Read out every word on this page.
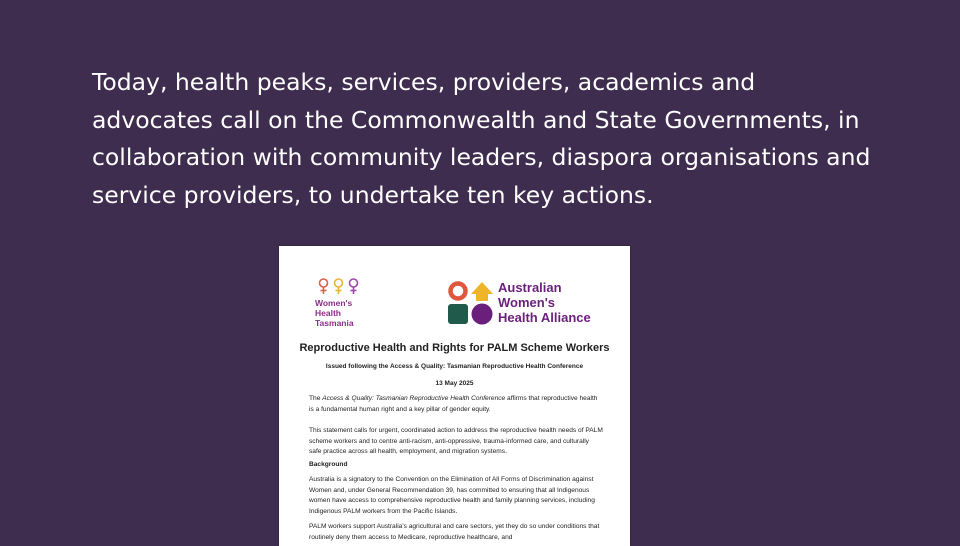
Today, health peaks, services, providers, academics and advocates call on the Commonwealth and State Governments, in collaboration with community leaders, diaspora organisations and service providers, to undertake ten key actions.

Women's
Health
Tasmania
Australian
Women's
Health Alliance
Reproductive Health and Rights for PALM Scheme Workers
Issued following the Access & Quality: Tasmanian Reproductive Health Conference
13 May 2025
The Access & Quality: Tasmanian Reproductive Health Conference affirms that reproductive health is a fundamental human right and a key pillar of gender equity.
This statement calls for urgent, coordinated action to address the reproductive health needs of PALM scheme workers and to centre anti-racism, anti-oppressive, trauma-informed care, and culturally safe practice across all health, employment, and migration systems.
Background
Australia is a signatory to the Convention on the Elimination of All Forms of Discrimination against Women and, under General Recommendation 39, has committed to ensuring that all Indigenous women have access to comprehensive reproductive health and family planning services, including Indigenous PALM workers from the Pacific Islands.
PALM workers support Australia's agricultural and care sectors, yet they do so under conditions that routinely deny them access to Medicare, reproductive healthcare, and
